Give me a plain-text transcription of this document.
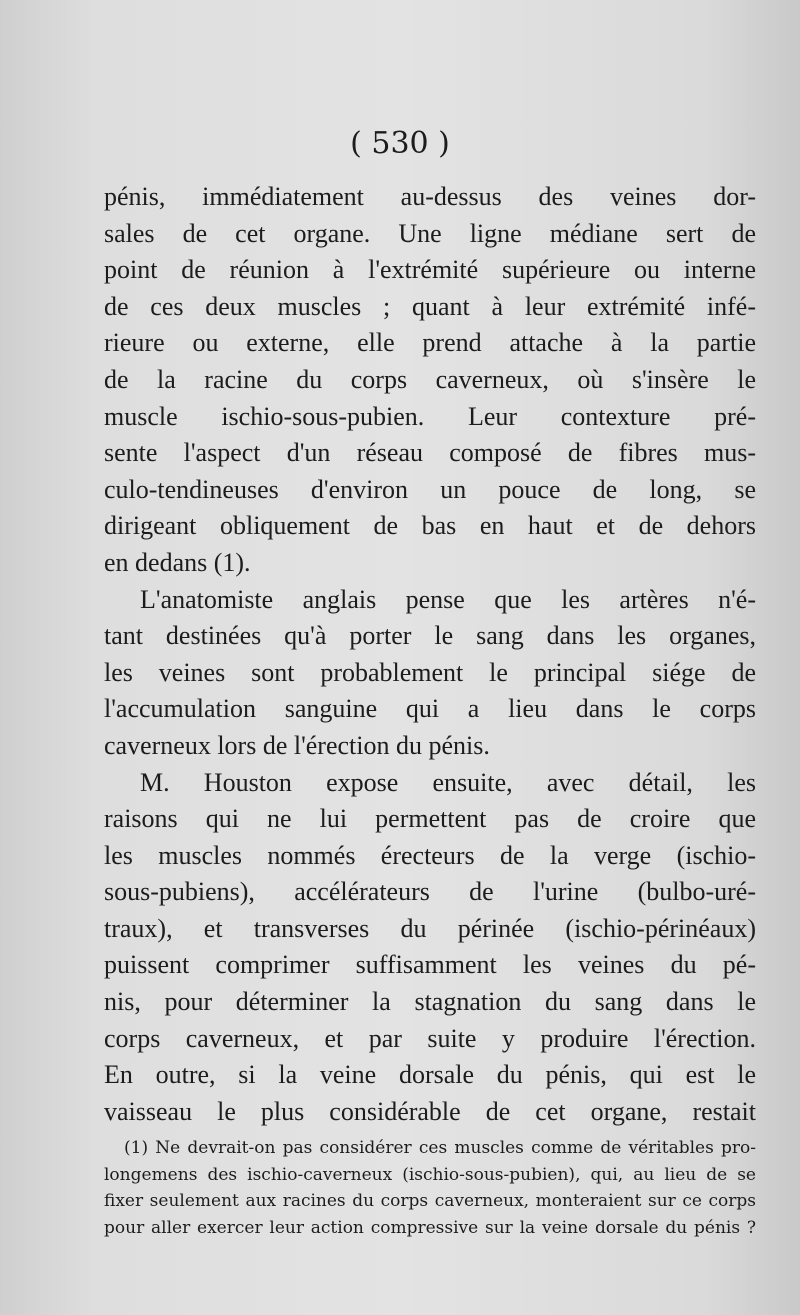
( 530 )
pénis, immédiatement au-dessus des veines dor-
sales de cet organe. Une ligne médiane sert de
point de réunion à l'extrémité supérieure ou interne
de ces deux muscles ; quant à leur extrémité infé-
rieure ou externe, elle prend attache à la partie
de la racine du corps caverneux, où s'insère le
muscle ischio-sous-pubien. Leur contexture pré-
sente l'aspect d'un réseau composé de fibres mus-
culo-tendineuses d'environ un pouce de long, se
dirigeant obliquement de bas en haut et de dehors
en dedans (1).
L'anatomiste anglais pense que les artères n'é-
tant destinées qu'à porter le sang dans les organes,
les veines sont probablement le principal siége de
l'accumulation sanguine qui a lieu dans le corps
caverneux lors de l'érection du pénis.
M. Houston expose ensuite, avec détail, les
raisons qui ne lui permettent pas de croire que
les muscles nommés érecteurs de la verge (ischio-
sous-pubiens), accélérateurs de l'urine (bulbo-uré-
traux), et transverses du périnée (ischio-périnéaux)
puissent comprimer suffisamment les veines du pé-
nis, pour déterminer la stagnation du sang dans le
corps caverneux, et par suite y produire l'érection.
En outre, si la veine dorsale du pénis, qui est le
vaisseau le plus considérable de cet organe, restait
(1) Ne devrait-on pas considérer ces muscles comme de véritables pro-
longemens des ischio-caverneux (ischio-sous-pubien), qui, au lieu de se
fixer seulement aux racines du corps caverneux, monteraient sur ce corps
pour aller exercer leur action compressive sur la veine dorsale du pénis ?
